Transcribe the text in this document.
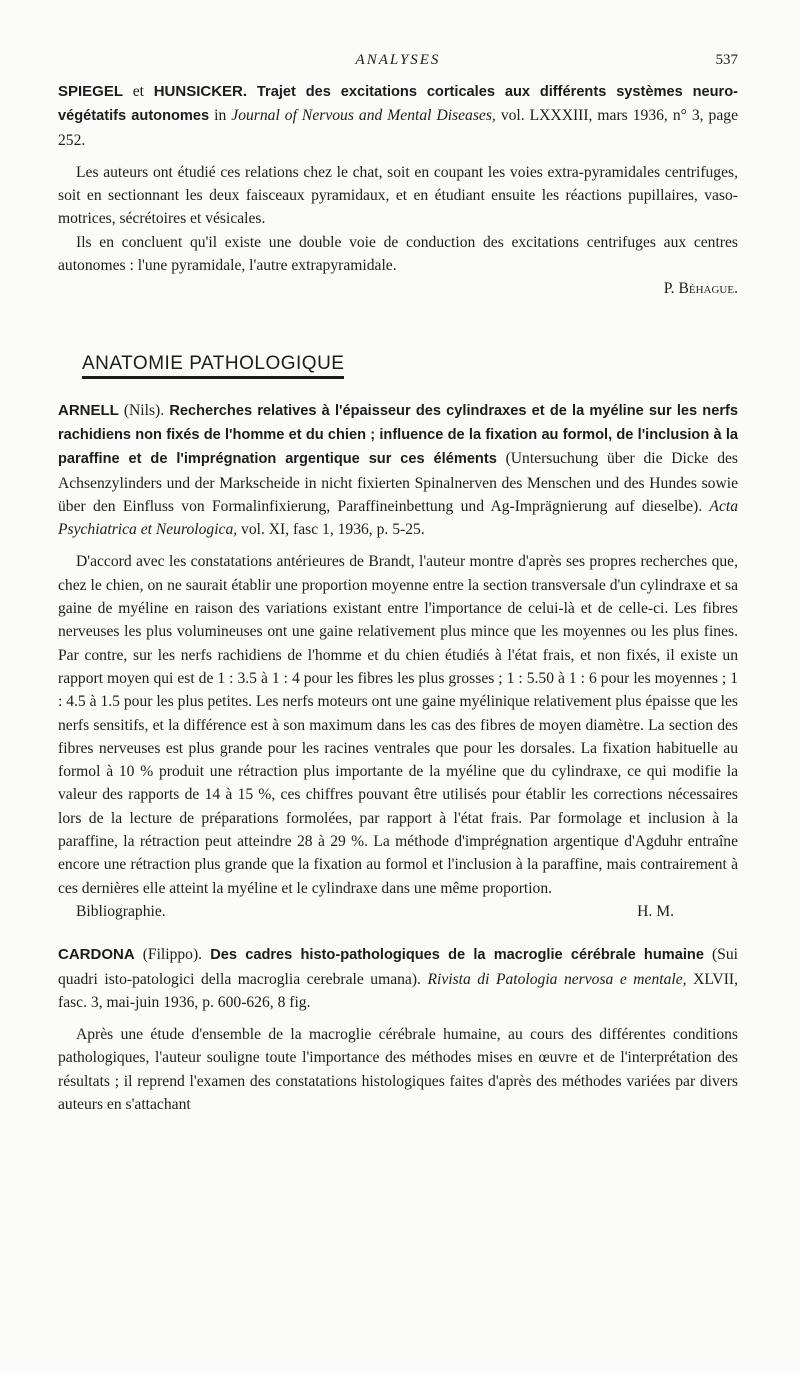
ANALYSES	537

SPIEGEL et HUNSICKER. Trajet des excitations corticales aux différents systèmes neuro-végétatifs autonomes in Journal of Nervous and Mental Diseases, vol. LXXXIII, mars 1936, n° 3, page 252.

Les auteurs ont étudié ces relations chez le chat, soit en coupant les voies extra-pyramidales centrifuges, soit en sectionnant les deux faisceaux pyramidaux, et en étudiant ensuite les réactions pupillaires, vaso-motrices, sécrétoires et vésicales.

Ils en concluent qu'il existe une double voie de conduction des excitations centrifuges aux centres autonomes : l'une pyramidale, l'autre extrapyramidale.

P. Béhague.

ANATOMIE PATHOLOGIQUE

ARNELL (Nils). Recherches relatives à l'épaisseur des cylindraxes et de la myéline sur les nerfs rachidiens non fixés de l'homme et du chien ; influence de la fixation au formol, de l'inclusion à la paraffine et de l'imprégnation argentique sur ces éléments (Untersuchung über die Dicke des Achsenzylinders und der Markscheide in nicht fixierten Spinalnerven des Menschen und des Hundes sowie über den Einfluss von Formalinfixierung, Paraffineinbettung und Ag-Imprägnierung auf dieselbe). Acta Psychiatrica et Neurologica, vol. XI, fasc 1, 1936, p. 5-25.

D'accord avec les constatations antérieures de Brandt, l'auteur montre d'après ses propres recherches que, chez le chien, on ne saurait établir une proportion moyenne entre la section transversale d'un cylindraxe et sa gaine de myéline en raison des variations existant entre l'importance de celui-là et de celle-ci. Les fibres nerveuses les plus volumineuses ont une gaine relativement plus mince que les moyennes ou les plus fines. Par contre, sur les nerfs rachidiens de l'homme et du chien étudiés à l'état frais, et non fixés, il existe un rapport moyen qui est de 1 : 3.5 à 1 : 4 pour les fibres les plus grosses ; 1 : 5.50 à 1 : 6 pour les moyennes ; 1 : 4.5 à 1.5 pour les plus petites. Les nerfs moteurs ont une gaine myélinique relativement plus épaisse que les nerfs sensitifs, et la différence est à son maximum dans les cas des fibres de moyen diamètre. La section des fibres nerveuses est plus grande pour les racines ventrales que pour les dorsales. La fixation habituelle au formol à 10 % produit une rétraction plus importante de la myéline que du cylindraxe, ce qui modifie la valeur des rapports de 14 à 15 %, ces chiffres pouvant être utilisés pour établir les corrections nécessaires lors de la lecture de préparations formolées, par rapport à l'état frais. Par formolage et inclusion à la paraffine, la rétraction peut atteindre 28 à 29 %. La méthode d'imprégnation argentique d'Agduhr entraîne encore une rétraction plus grande que la fixation au formol et l'inclusion à la paraffine, mais contrairement à ces dernières elle atteint la myéline et le cylindraxe dans une même proportion.

Bibliographie.	H. M.

CARDONA (Filippo). Des cadres histo-pathologiques de la macroglie cérébrale humaine (Sui quadri isto-patologici della macroglia cerebrale umana). Rivista di Patologia nervosa e mentale, XLVII, fasc. 3, mai-juin 1936, p. 600-626, 8 fig.

Après une étude d'ensemble de la macroglie cérébrale humaine, au cours des différentes conditions pathologiques, l'auteur souligne toute l'importance des méthodes mises en œuvre et de l'interprétation des résultats ; il reprend l'examen des constatations histologiques faites d'après des méthodes variées par divers auteurs en s'attachant
